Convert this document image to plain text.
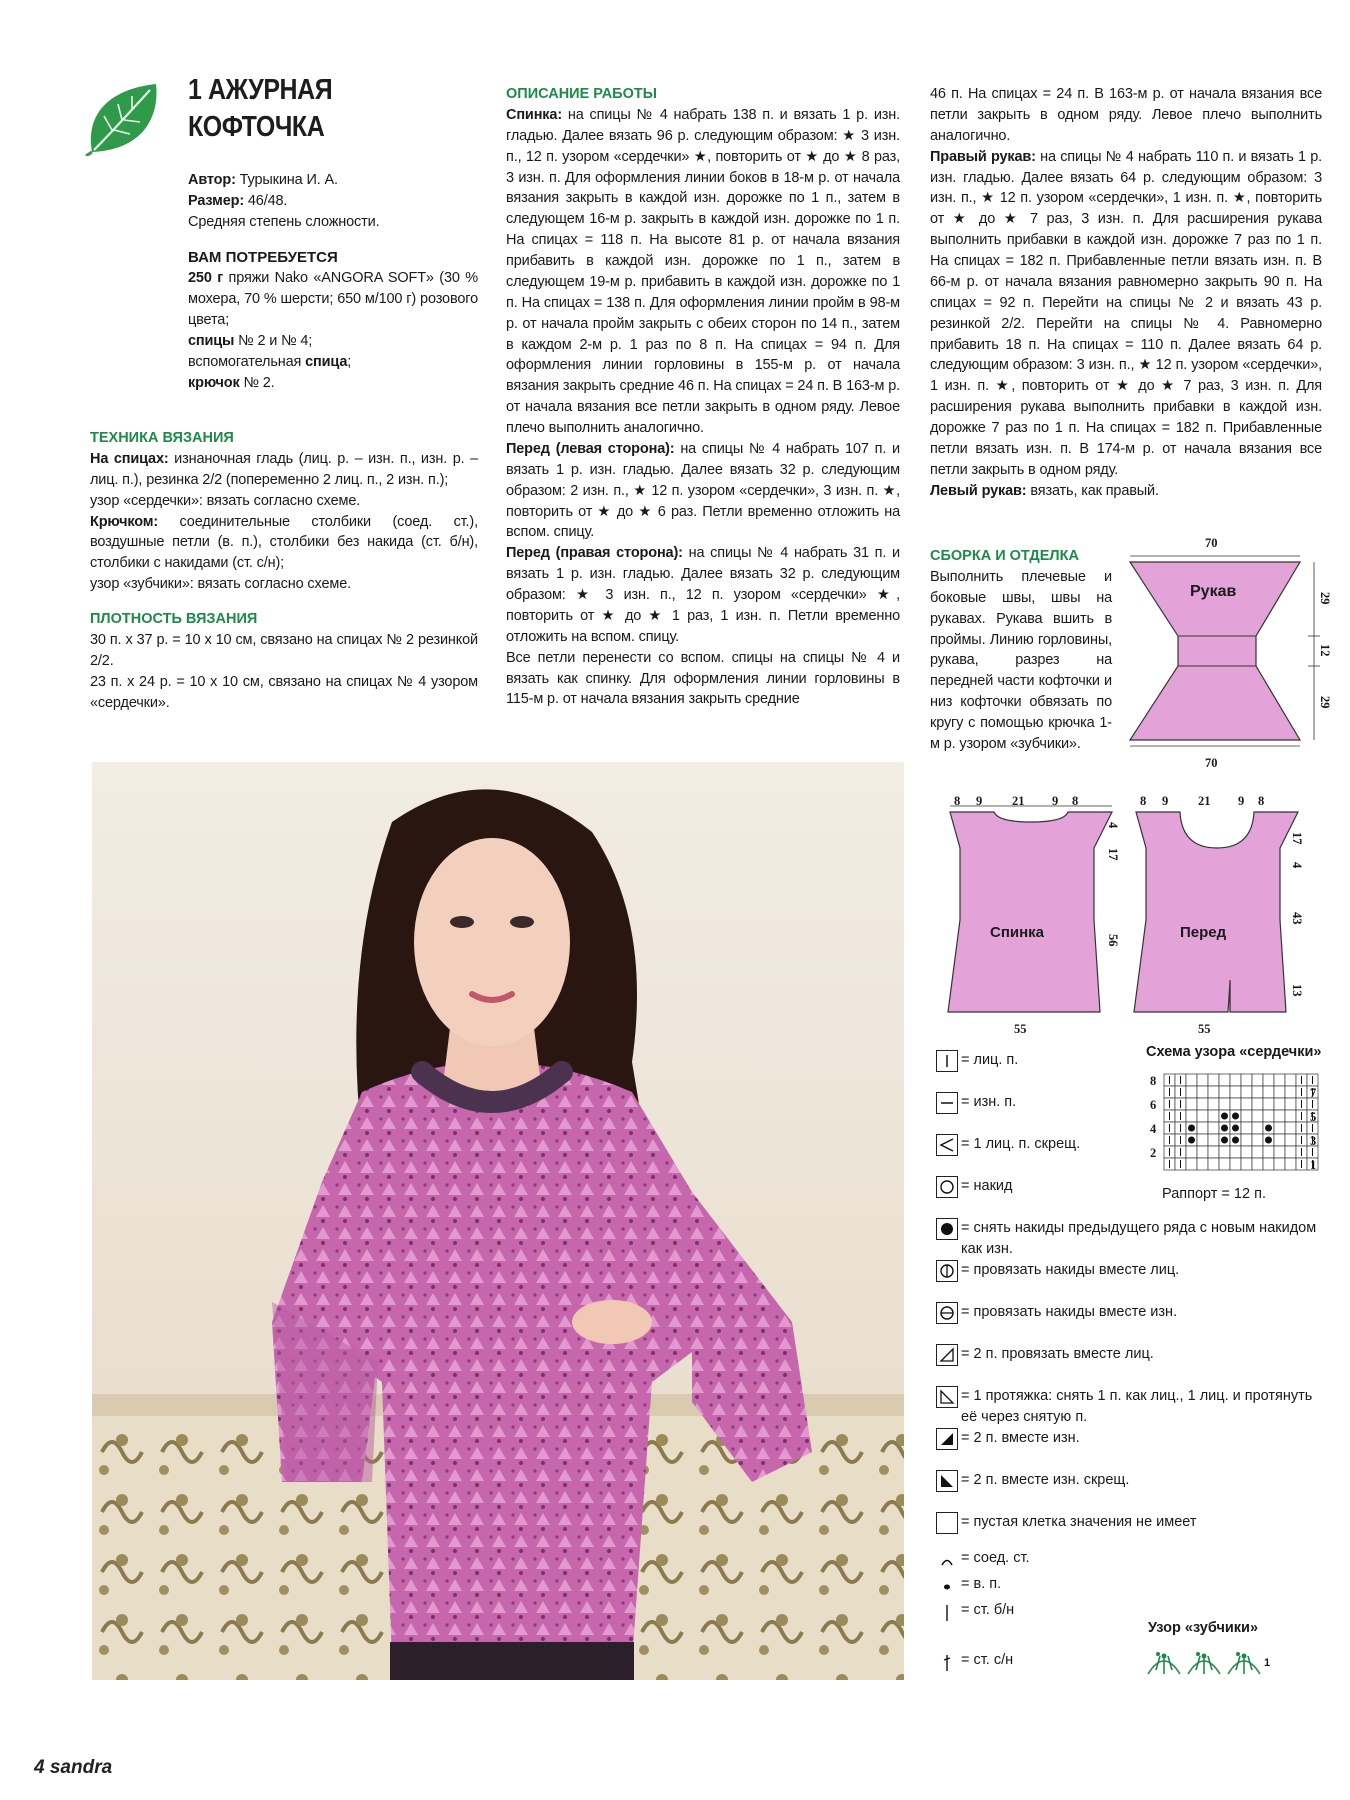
1 АЖУРНАЯ
КОФТОЧКА
Автор: Турыкина И. А.
Размер: 46/48.
Средняя степень сложности.
ВАМ ПОТРЕБУЕТСЯ

250 г пряжи Nako «ANGORA SOFT» (30 % мохера, 70 % шерсти; 650 м/100 г) розового цвета;

спицы № 2 и № 4;
вспомогательная спица;
крючок № 2.
ТЕХНИКА ВЯЗАНИЯ

На спицах: изнаночная гладь (лиц. р. – изн. п., изн. р. – лиц. п.), резинка 2/2 (попеременно 2 лиц. п., 2 изн. п.);

узор «сердечки»: вязать согласно схеме.

Крючком: соединительные столбики (соед. ст.), воздушные петли (в. п.), столбики без накида (ст. б/н), столбики с накидами (ст. с/н);

узор «зубчики»: вязать согласно схеме.

ПЛОТНОСТЬ ВЯЗАНИЯ

30 п. х 37 р. = 10 х 10 см, связано на спицах № 2 резинкой 2/2.

23 п. х 24 р. = 10 х 10 см, связано на спицах № 4 узором «сердечки».

ОПИСАНИЕ РАБОТЫ

Спинка: на спицы № 4 набрать 138 п. и вязать 1 р. изн. гладью. Далее вязать 96 р. следующим образом: ★ 3 изн. п., 12 п. узором «сердечки» ★, повторить от ★ до ★ 8 раз, 3 изн. п. Для оформления линии боков в 18-м р. от начала вязания закрыть в каждой изн. дорожке по 1 п., затем в следующем 16-м р. закрыть в каждой изн. дорожке по 1 п. На спицах = 118 п. На высоте 81 р. от начала вязания прибавить в каждой изн. дорожке по 1 п., затем в следующем 19-м р. прибавить в каждой изн. дорожке по 1 п. На спицах = 138 п. Для оформления линии пройм в 98-м р. от начала пройм закрыть с обеих сторон по 14 п., затем в каждом 2-м р. 1 раз по 8 п. На спицах = 94 п. Для оформления линии горловины в 155-м р. от начала вязания закрыть средние 46 п. На спицах = 24 п. В 163-м р. от начала вязания все петли закрыть в одном ряду. Левое плечо выполнить аналогично.

Перед (левая сторона): на спицы № 4 набрать 107 п. и вязать 1 р. изн. гладью. Далее вязать 32 р. следующим образом: 2 изн. п., ★ 12 п. узором «сердечки», 3 изн. п. ★, повторить от ★ до ★ 6 раз. Петли временно отложить на вспом. спицу.

Перед (правая сторона): на спицы № 4 набрать 31 п. и вязать 1 р. изн. гладью. Далее вязать 32 р. следующим образом: ★ 3 изн. п., 12 п. узором «сердечки» ★, повторить от ★ до ★ 1 раз, 1 изн. п. Петли временно отложить на вспом. спицу.

Все петли перенести со вспом. спицы на спицы № 4 и вязать как спинку. Для оформления линии горловины в 115-м р. от начала вязания закрыть средние

46 п. На спицах = 24 п. В 163-м р. от начала вязания все петли закрыть в одном ряду. Левое плечо выполнить аналогично.

Правый рукав: на спицы № 4 набрать 110 п. и вязать 1 р. изн. гладью. Далее вязать 64 р. следующим образом: 3 изн. п., ★ 12 п. узором «сердечки», 1 изн. п. ★, повторить от ★ до ★ 7 раз, 3 изн. п. Для расширения рукава выполнить прибавки в каждой изн. дорожке 7 раз по 1 п. На спицах = 182 п. Прибавленные петли вязать изн. п. В 66-м р. от начала вязания равномерно закрыть 90 п. На спицах = 92 п. Перейти на спицы № 2 и вязать 43 р. резинкой 2/2. Перейти на спицы № 4. Равномерно прибавить 18 п. На спицах = 110 п. Далее вязать 64 р. следующим образом: 3 изн. п., ★ 12 п. узором «сердечки», 1 изн. п. ★, повторить от ★ до ★ 7 раз, 3 изн. п. Для расширения рукава выполнить прибавки в каждой изн. дорожке 7 раз по 1 п. На спицах = 182 п. Прибавленные петли вязать изн. п. В 174-м р. от начала вязания все петли закрыть в одном ряду.

Левый рукав: вязать, как правый.

СБОРКА И ОТДЕЛКА

Выполнить плечевые и боковые швы, швы на рукавах. Рукава вшить в проймы. Линию горловины, рукава, разрез на передней части кофточки и низ кофточки обвязать по кругу с помощью крючка 1-м р. узором «зубчики».

70
70
29
12
29
Рукав
Спинка
8 9 21 9 8
4
17
56
55
Перед
8 9 21 9 8
17
4
43
13
55
Схема узора «сердечки»
8
6
4
2
7
5
3
1
Раппорт = 12 п.
= лиц. п.
= изн. п.
= 1 лиц. п. скрещ.
= накид
= снять накиды предыдущего ряда с новым накидом как изн.
= провязать накиды вместе лиц.
= провязать накиды вместе изн.
= 2 п. провязать вместе лиц.
= 1 протяжка: снять 1 п. как лиц., 1 лиц. и протянуть её через снятую п.
= 2 п. вместе изн.
= 2 п. вместе изн. скрещ.
= пустая клетка значения не имеет
= соед. ст.
= в. п.
= ст. б/н
= ст. с/н
Узор «зубчики»
1
4 sandra
